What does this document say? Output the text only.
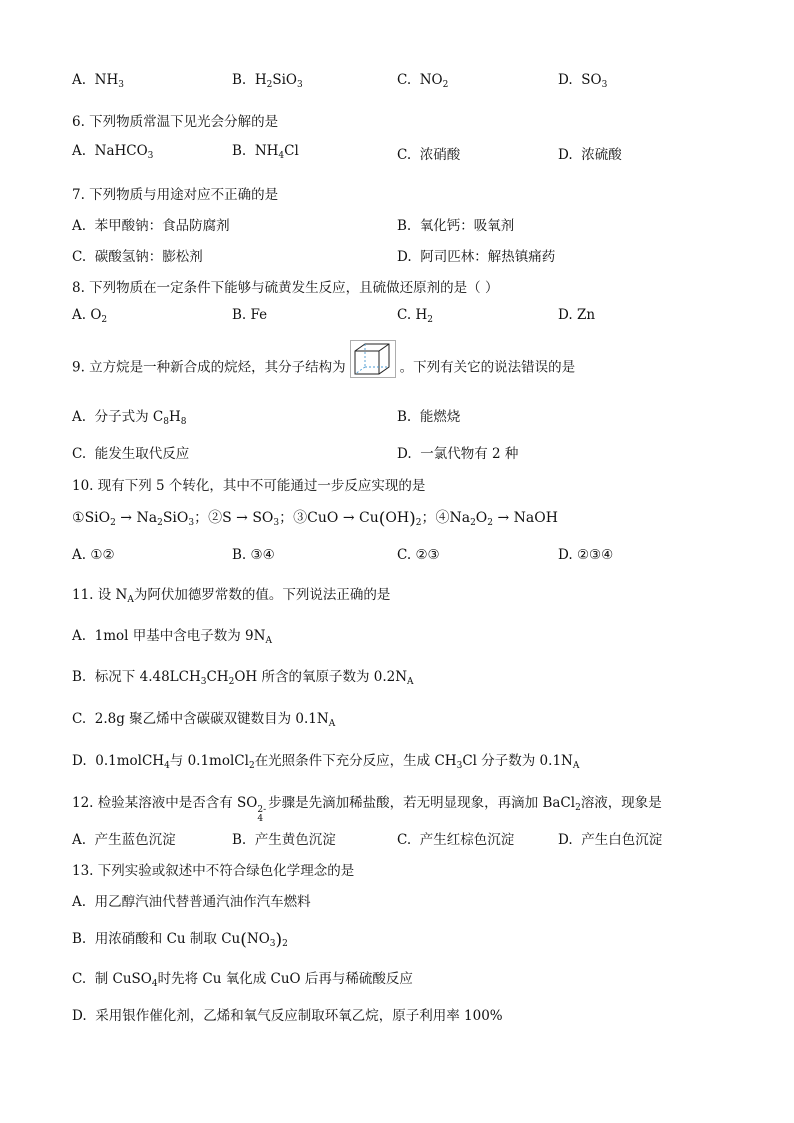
A. $NH_3$	B. $H_2SiO_3$	C. $NO_2$	D. $SO_3$
6. 下列物质常温下见光会分解的是
A. NaHCO$_3$	B. $NH_4Cl$	C. 浓硝酸	D. 浓硫酸
7. 下列物质与用途对应不正确的是
A. 苯甲酸钠：食品防腐剂	B. 氧化钙：吸氧剂
C. 碳酸氢钠：膨松剂	D. 阿司匹林：解热镇痛药
8. 下列物质在一定条件下能够与硫黄发生反应，且硫做还原剂的是（ ）
A. $O_2$	B. Fe	C. $H_2$	D. Zn
9. 立方烷是一种新合成的烷烃，其分子结构为	。下列有关它的说法错误的是
A. 分子式为 $C_8H_8$	B. 能燃烧
C. 能发生取代反应	D. 一氯代物有 2 种
10. 现有下列 5 个转化，其中不可能通过一步反应实现的是
①SiO$_2$ → $Na_2SiO_3$；②S → $SO_3$；③CuO → $Cu(OH)_2$；$④Na_2O_2$ → NaOH
A. ①②	B. ③④	C. ②③	D. ②③④
11. 设 $N_A$为阿伏加德罗常数的值。下列说法正确的是
A. 1mol 甲基中含电子数为 $9N_A$
B. 标况下 $4.48LCH_3CH_2OH$ 所含的氧原子数为 $0.2N_A$
C. 2.8g 聚乙烯中含碳碳双键数目为 $0.1N_A$
D. 0.1molCH$_4$与 0.1molCl$_2$在光照条件下充分反应，生成 $CH_3Cl$ 分子数为 $0.1N_A$
12. 检验某溶液中是否含有 SO 2-
4
步骤是先滴加稀盐酸，若无明显现象，再滴加 BaCl$_2$溶液，现象是
A. 产生蓝色沉淀	B. 产生黄色沉淀	C. 产生红棕色沉淀	D. 产生白色沉淀
13. 下列实验或叙述中不符合绿色化学理念的是
A. 用乙醇汽油代替普通汽油作汽车燃料
B. 用浓硝酸和 Cu 制取 $Cu(NO_3)_2$
C. 制 CuSO$_4$时先将 Cu 氧化成 CuO 后再与稀硫酸反应
D. 采用银作催化剂，乙烯和氧气反应制取环氧乙烷，原子利用率 100%
